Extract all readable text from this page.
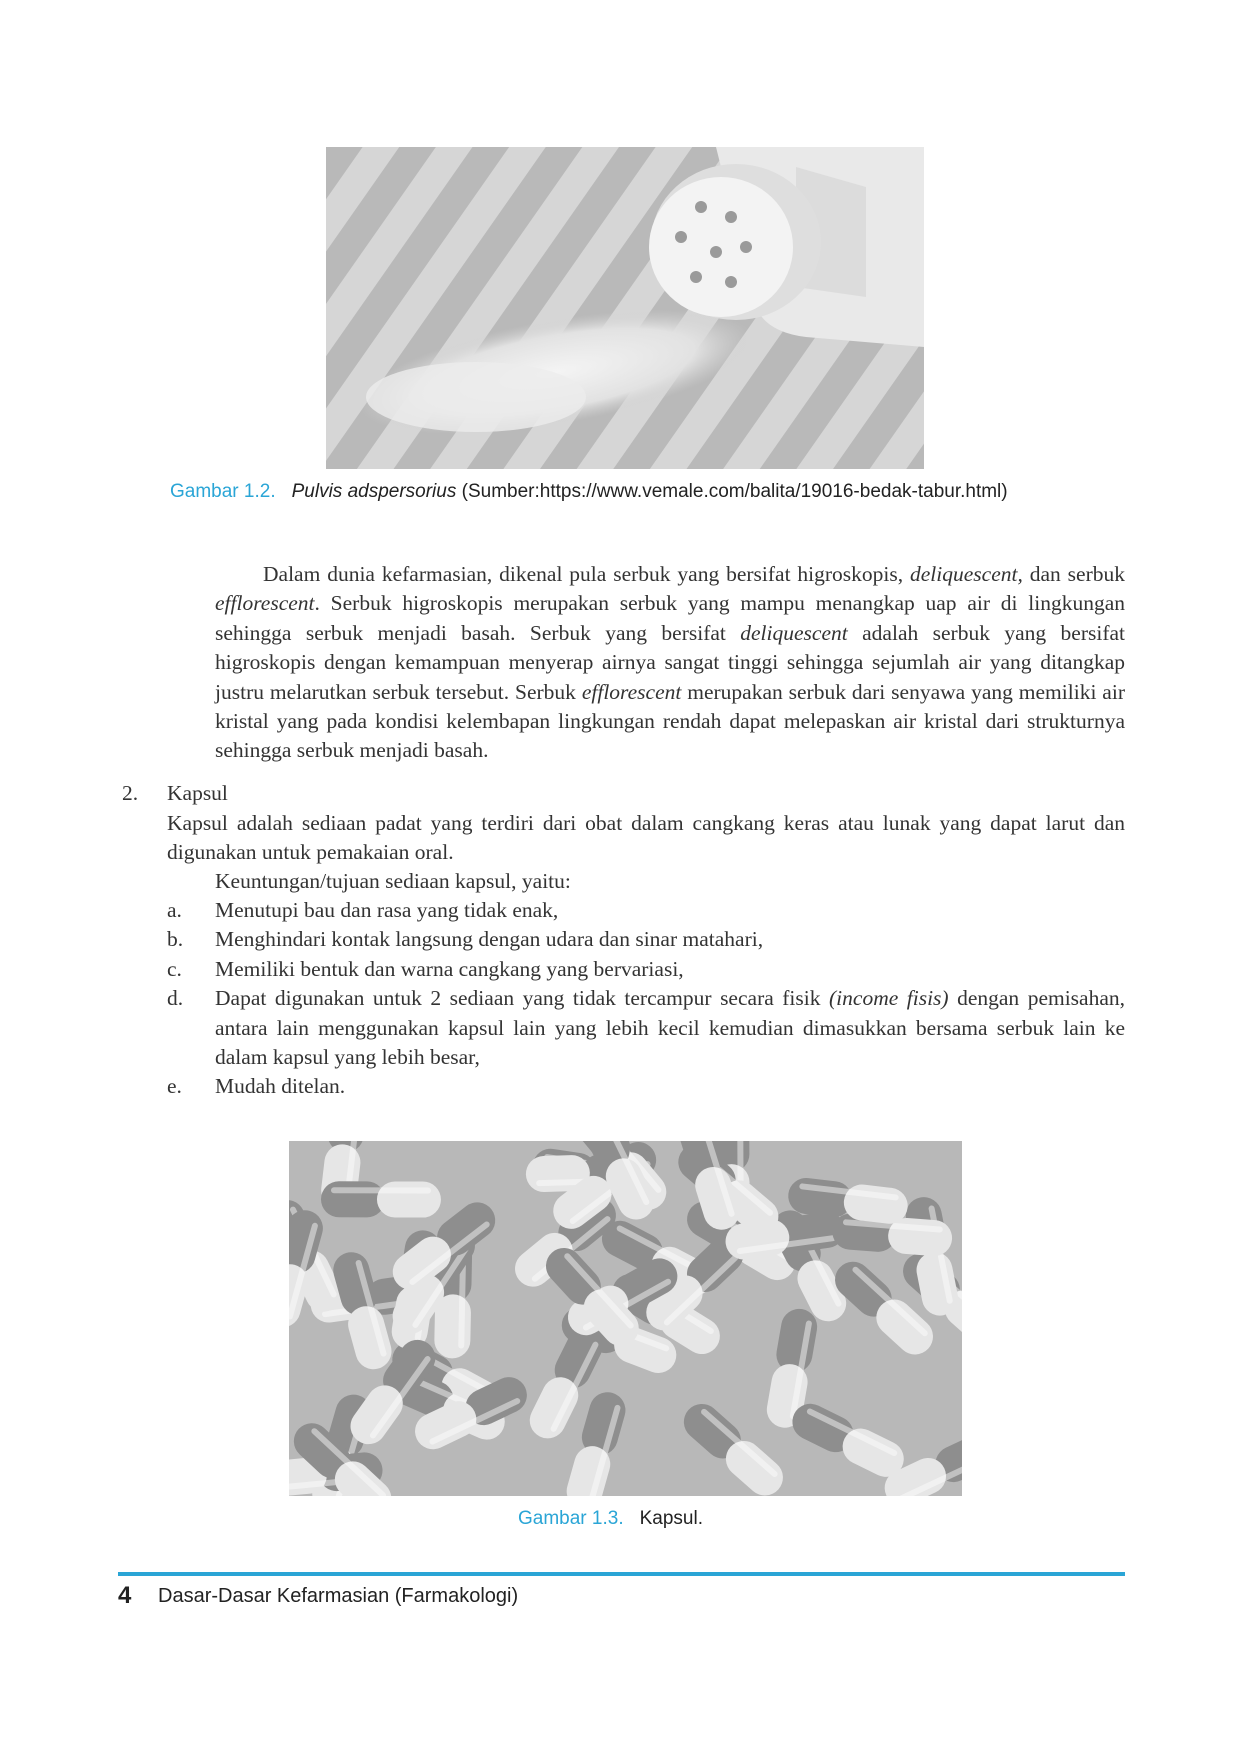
Gambar 1.2. Pulvis adspersorius (Sumber:https://www.vemale.com/balita/19016-bedak-tabur.html)
Dalam dunia kefarmasian, dikenal pula serbuk yang bersifat higroskopis, deliquescent, dan serbuk efflorescent. Serbuk higroskopis merupakan serbuk yang mampu menangkap uap air di lingkungan sehingga serbuk menjadi basah. Serbuk yang bersifat deliquescent adalah serbuk yang bersifat higroskopis dengan kemampuan menyerap airnya sangat tinggi sehingga sejumlah air yang ditangkap justru melarutkan serbuk tersebut. Serbuk efflorescent merupakan serbuk dari senyawa yang memiliki air kristal yang pada kondisi kelembapan lingkungan rendah dapat melepaskan air kristal dari strukturnya sehingga serbuk menjadi basah.
2. Kapsul
Kapsul adalah sediaan padat yang terdiri dari obat dalam cangkang keras atau lunak yang dapat larut dan digunakan untuk pemakaian oral.
Keuntungan/tujuan sediaan kapsul, yaitu:
a. Menutupi bau dan rasa yang tidak enak,
b. Menghindari kontak langsung dengan udara dan sinar matahari,
c. Memiliki bentuk dan warna cangkang yang bervariasi,
d. Dapat digunakan untuk 2 sediaan yang tidak tercampur secara fisik (income fisis) dengan pemisahan, antara lain menggunakan kapsul lain yang lebih kecil kemudian dimasukkan bersama serbuk lain ke dalam kapsul yang lebih besar,
e. Mudah ditelan.
Gambar 1.3. Kapsul.
4 Dasar-Dasar Kefarmasian (Farmakologi)
